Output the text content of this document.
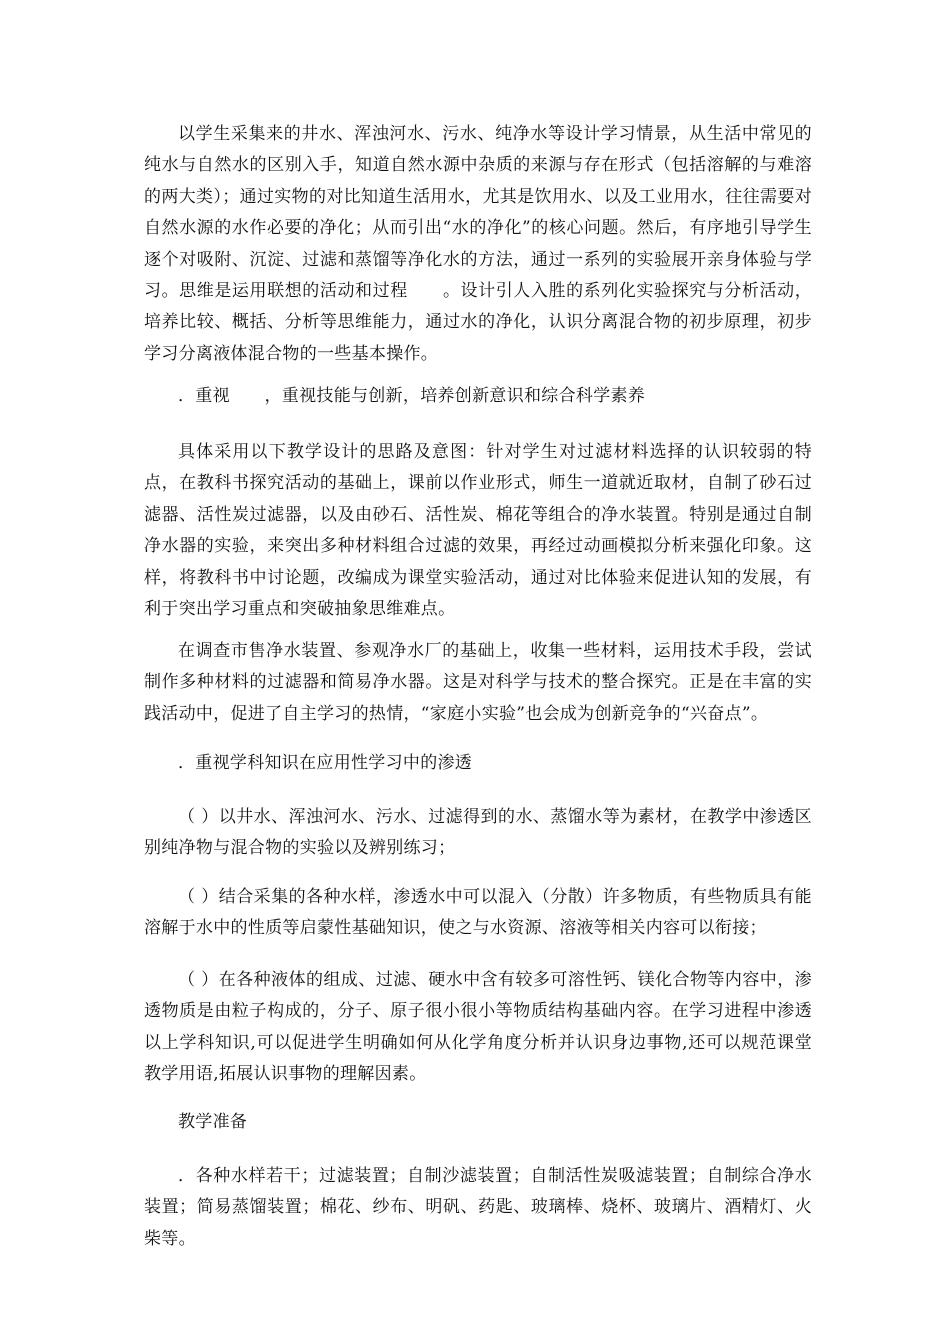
以学生采集来的井水、浑浊河水、污水、纯净水等设计学习情景，从生活中常见的纯水与自然水的区别入手，知道自然水源中杂质的来源与存在形式（包括溶解的与难溶的两大类）；通过实物的对比知道生活用水，尤其是饮用水、以及工业用水，往往需要对自然水源的水作必要的净化；从而引出“水的净化”的核心问题。然后，有序地引导学生逐个对吸附、沉淀、过滤和蒸馏等净化水的方法，通过一系列的实验展开亲身体验与学习。思维是运用联想的活动和过程　　。设计引人入胜的系列化实验探究与分析活动，培养比较、概括、分析等思维能力，通过水的净化，认识分离混合物的初步原理，初步学习分离液体混合物的一些基本操作。

．重视　　，重视技能与创新，培养创新意识和综合科学素养

具体采用以下教学设计的思路及意图：针对学生对过滤材料选择的认识较弱的特点，在教科书探究活动的基础上，课前以作业形式，师生一道就近取材，自制了砂石过滤器、活性炭过滤器，以及由砂石、活性炭、棉花等组合的净水装置。特别是通过自制净水器的实验，来突出多种材料组合过滤的效果，再经过动画模拟分析来强化印象。这样，将教科书中讨论题，改编成为课堂实验活动，通过对比体验来促进认知的发展，有利于突出学习重点和突破抽象思维难点。

在调查市售净水装置、参观净水厂的基础上，收集一些材料，运用技术手段，尝试制作多种材料的过滤器和简易净水器。这是对科学与技术的整合探究。正是在丰富的实践活动中，促进了自主学习的热情，“家庭小实验”也会成为创新竞争的“兴奋点”。

．重视学科知识在应用性学习中的渗透

（ ）以井水、浑浊河水、污水、过滤得到的水、蒸馏水等为素材，在教学中渗透区别纯净物与混合物的实验以及辨别练习；

（ ）结合采集的各种水样，渗透水中可以混入（分散）许多物质，有些物质具有能溶解于水中的性质等启蒙性基础知识，使之与水资源、溶液等相关内容可以衔接；

（ ）在各种液体的组成、过滤、硬水中含有较多可溶性钙、镁化合物等内容中，渗透物质是由粒子构成的，分子、原子很小很小等物质结构基础内容。在学习进程中渗透以上学科知识,可以促进学生明确如何从化学角度分析并认识身边事物,还可以规范课堂教学用语,拓展认识事物的理解因素。

教学准备

．各种水样若干；过滤装置；自制沙滤装置；自制活性炭吸滤装置；自制综合净水装置；简易蒸馏装置；棉花、纱布、明矾、药匙、玻璃棒、烧杯、玻璃片、酒精灯、火柴等。
